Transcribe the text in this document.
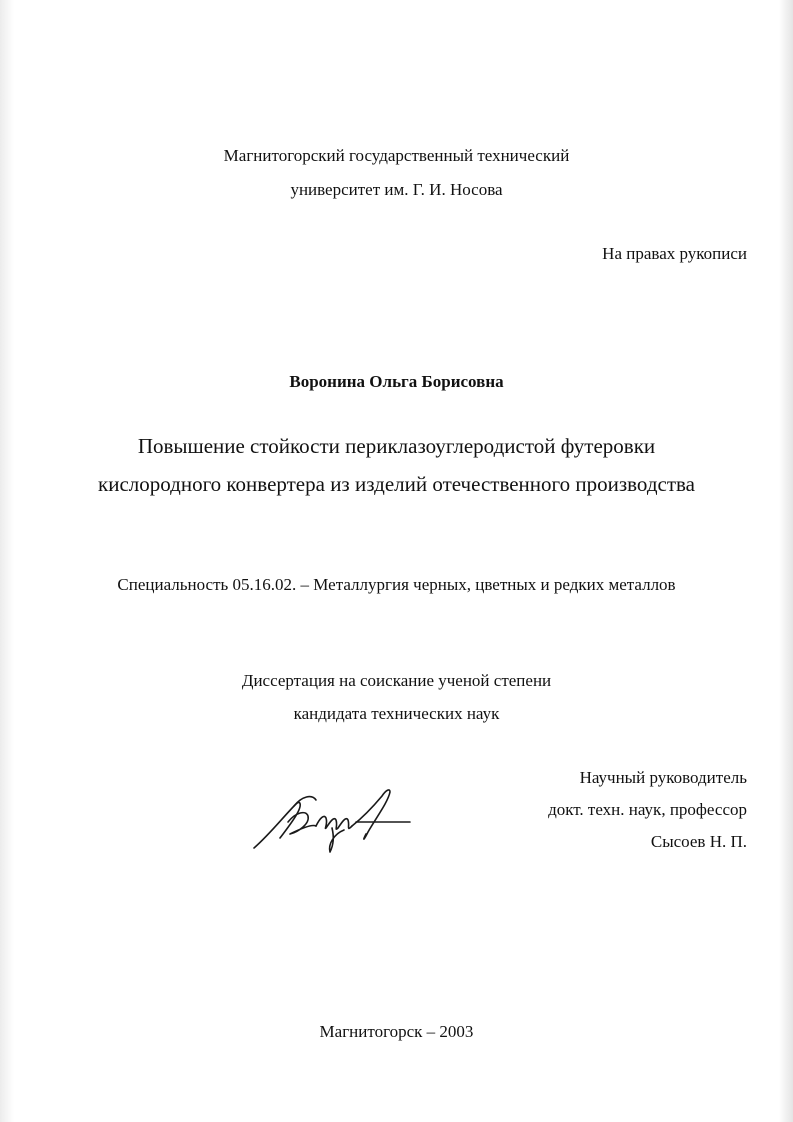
Магнитогорский государственный технический
университет им. Г. И. Носова
На правах рукописи
Воронина Ольга Борисовна
Повышение стойкости периклазоуглеродистой футеровки
кислородного конвертера из изделий отечественного производства
Специальность 05.16.02. – Металлургия черных, цветных и редких металлов
Диссертация на соискание ученой степени
кандидата технических наук
Научный руководитель
докт. техн. наук, профессор
Сысоев Н. П.
Магнитогорск – 2003
